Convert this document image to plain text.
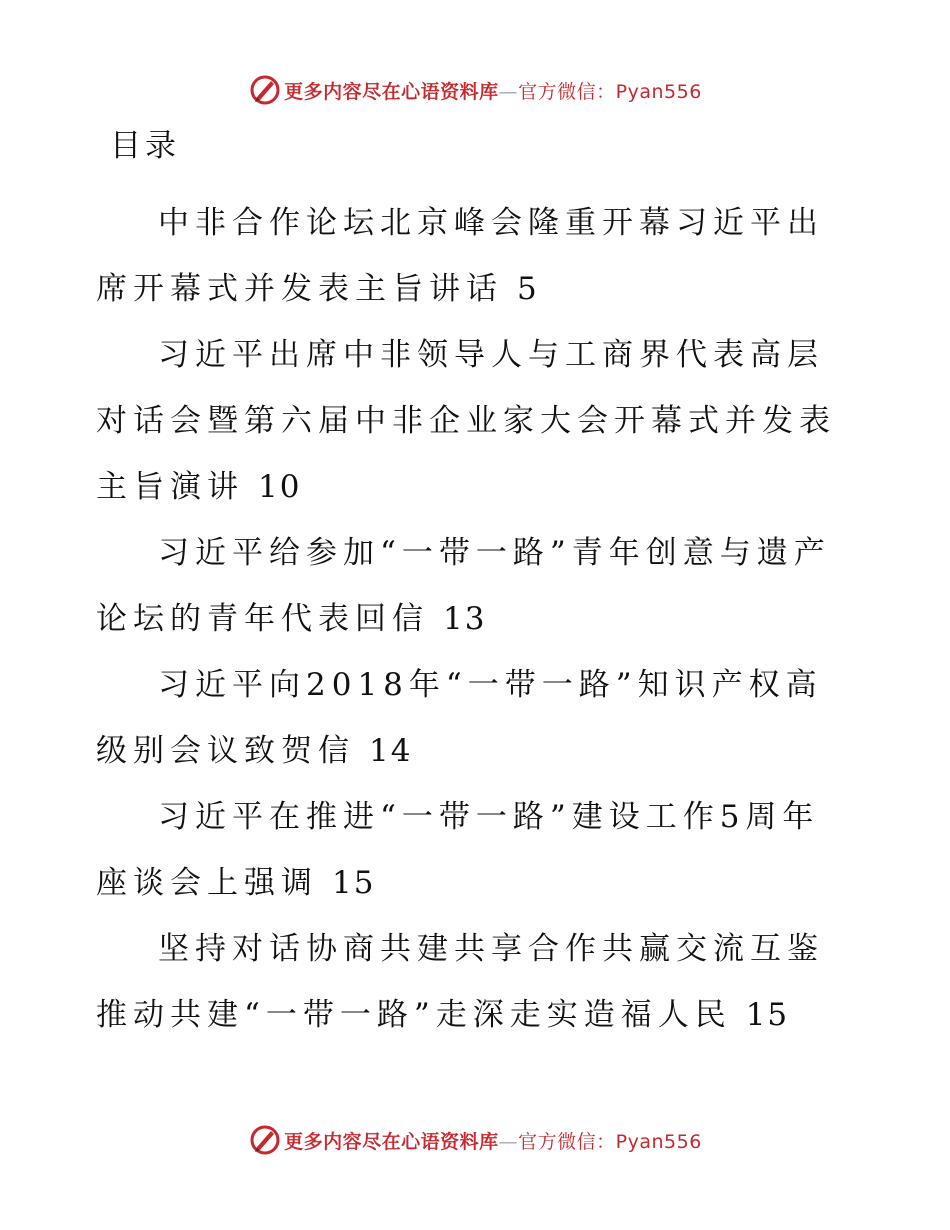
更多内容尽在心语资料库—官方微信：Pyan556
目录
中非合作论坛北京峰会隆重开幕习近平出席开幕式并发表主旨讲话 5
习近平出席中非领导人与工商界代表高层对话会暨第六届中非企业家大会开幕式并发表主旨演讲 10
习近平给参加“一带一路”青年创意与遗产论坛的青年代表回信 13
习近平向2018年“一带一路”知识产权高级别会议致贺信 14
习近平在推进“一带一路”建设工作5周年座谈会上强调 15
坚持对话协商共建共享合作共赢交流互鉴推动共建“一带一路”走深走实造福人民 15
更多内容尽在心语资料库—官方微信：Pyan556
